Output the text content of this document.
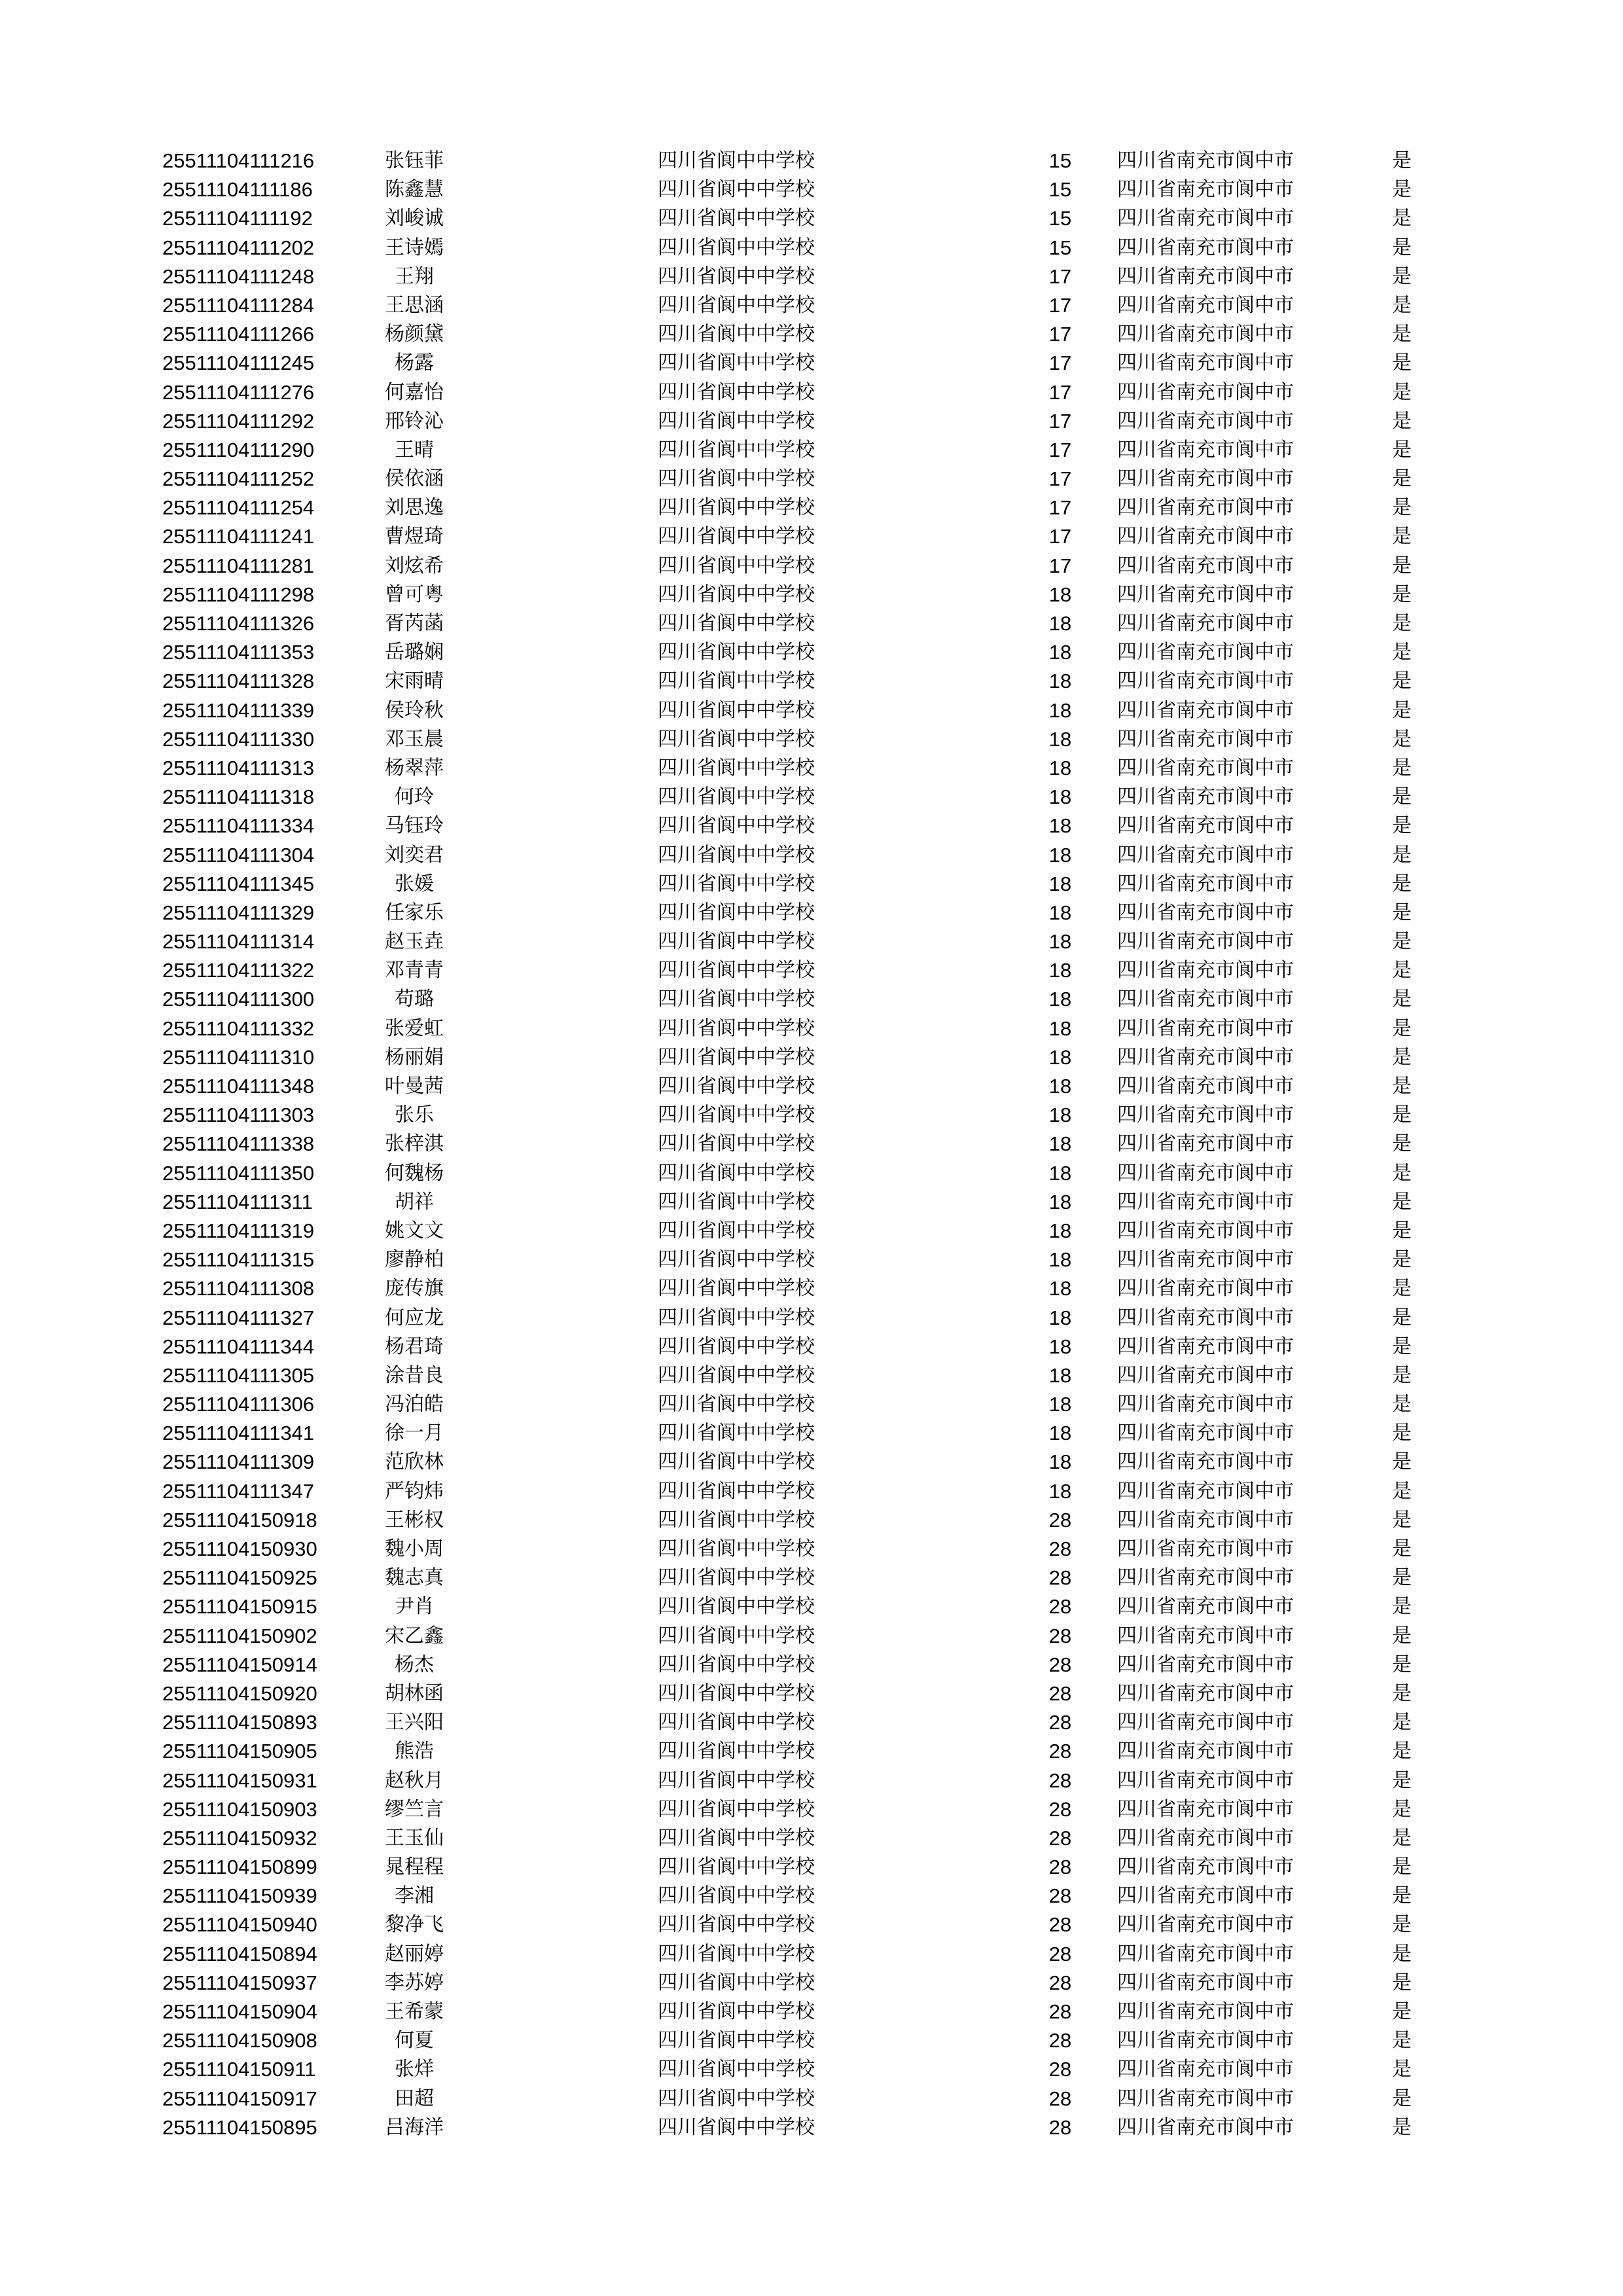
25511104111216	张钰菲	四川省阆中中学校	15	四川省南充市阆中市	是
25511104111186	陈鑫慧	四川省阆中中学校	15	四川省南充市阆中市	是
25511104111192	刘峻诚	四川省阆中中学校	15	四川省南充市阆中市	是
25511104111202	王诗嫣	四川省阆中中学校	15	四川省南充市阆中市	是
25511104111248	王翔	四川省阆中中学校	17	四川省南充市阆中市	是
25511104111284	王思涵	四川省阆中中学校	17	四川省南充市阆中市	是
25511104111266	杨颜黛	四川省阆中中学校	17	四川省南充市阆中市	是
25511104111245	杨露	四川省阆中中学校	17	四川省南充市阆中市	是
25511104111276	何嘉怡	四川省阆中中学校	17	四川省南充市阆中市	是
25511104111292	邢铃沁	四川省阆中中学校	17	四川省南充市阆中市	是
25511104111290	王晴	四川省阆中中学校	17	四川省南充市阆中市	是
25511104111252	侯依涵	四川省阆中中学校	17	四川省南充市阆中市	是
25511104111254	刘思逸	四川省阆中中学校	17	四川省南充市阆中市	是
25511104111241	曹煜琦	四川省阆中中学校	17	四川省南充市阆中市	是
25511104111281	刘炫希	四川省阆中中学校	17	四川省南充市阆中市	是
25511104111298	曾可粤	四川省阆中中学校	18	四川省南充市阆中市	是
25511104111326	胥芮菡	四川省阆中中学校	18	四川省南充市阆中市	是
25511104111353	岳璐娴	四川省阆中中学校	18	四川省南充市阆中市	是
25511104111328	宋雨晴	四川省阆中中学校	18	四川省南充市阆中市	是
25511104111339	侯玲秋	四川省阆中中学校	18	四川省南充市阆中市	是
25511104111330	邓玉晨	四川省阆中中学校	18	四川省南充市阆中市	是
25511104111313	杨翠萍	四川省阆中中学校	18	四川省南充市阆中市	是
25511104111318	何玲	四川省阆中中学校	18	四川省南充市阆中市	是
25511104111334	马钰玲	四川省阆中中学校	18	四川省南充市阆中市	是
25511104111304	刘奕君	四川省阆中中学校	18	四川省南充市阆中市	是
25511104111345	张媛	四川省阆中中学校	18	四川省南充市阆中市	是
25511104111329	任家乐	四川省阆中中学校	18	四川省南充市阆中市	是
25511104111314	赵玉垚	四川省阆中中学校	18	四川省南充市阆中市	是
25511104111322	邓青青	四川省阆中中学校	18	四川省南充市阆中市	是
25511104111300	苟璐	四川省阆中中学校	18	四川省南充市阆中市	是
25511104111332	张爱虹	四川省阆中中学校	18	四川省南充市阆中市	是
25511104111310	杨丽娟	四川省阆中中学校	18	四川省南充市阆中市	是
25511104111348	叶曼茜	四川省阆中中学校	18	四川省南充市阆中市	是
25511104111303	张乐	四川省阆中中学校	18	四川省南充市阆中市	是
25511104111338	张梓淇	四川省阆中中学校	18	四川省南充市阆中市	是
25511104111350	何魏杨	四川省阆中中学校	18	四川省南充市阆中市	是
25511104111311	胡祥	四川省阆中中学校	18	四川省南充市阆中市	是
25511104111319	姚文文	四川省阆中中学校	18	四川省南充市阆中市	是
25511104111315	廖静柏	四川省阆中中学校	18	四川省南充市阆中市	是
25511104111308	庞传旗	四川省阆中中学校	18	四川省南充市阆中市	是
25511104111327	何应龙	四川省阆中中学校	18	四川省南充市阆中市	是
25511104111344	杨君琦	四川省阆中中学校	18	四川省南充市阆中市	是
25511104111305	涂昔良	四川省阆中中学校	18	四川省南充市阆中市	是
25511104111306	冯泊皓	四川省阆中中学校	18	四川省南充市阆中市	是
25511104111341	徐一月	四川省阆中中学校	18	四川省南充市阆中市	是
25511104111309	范欣林	四川省阆中中学校	18	四川省南充市阆中市	是
25511104111347	严钧炜	四川省阆中中学校	18	四川省南充市阆中市	是
25511104150918	王彬权	四川省阆中中学校	28	四川省南充市阆中市	是
25511104150930	魏小周	四川省阆中中学校	28	四川省南充市阆中市	是
25511104150925	魏志真	四川省阆中中学校	28	四川省南充市阆中市	是
25511104150915	尹肖	四川省阆中中学校	28	四川省南充市阆中市	是
25511104150902	宋乙鑫	四川省阆中中学校	28	四川省南充市阆中市	是
25511104150914	杨杰	四川省阆中中学校	28	四川省南充市阆中市	是
25511104150920	胡林函	四川省阆中中学校	28	四川省南充市阆中市	是
25511104150893	王兴阳	四川省阆中中学校	28	四川省南充市阆中市	是
25511104150905	熊浩	四川省阆中中学校	28	四川省南充市阆中市	是
25511104150931	赵秋月	四川省阆中中学校	28	四川省南充市阆中市	是
25511104150903	缪竺言	四川省阆中中学校	28	四川省南充市阆中市	是
25511104150932	王玉仙	四川省阆中中学校	28	四川省南充市阆中市	是
25511104150899	晁程程	四川省阆中中学校	28	四川省南充市阆中市	是
25511104150939	李湘	四川省阆中中学校	28	四川省南充市阆中市	是
25511104150940	黎净飞	四川省阆中中学校	28	四川省南充市阆中市	是
25511104150894	赵丽婷	四川省阆中中学校	28	四川省南充市阆中市	是
25511104150937	李苏婷	四川省阆中中学校	28	四川省南充市阆中市	是
25511104150904	王希蒙	四川省阆中中学校	28	四川省南充市阆中市	是
25511104150908	何夏	四川省阆中中学校	28	四川省南充市阆中市	是
25511104150911	张烊	四川省阆中中学校	28	四川省南充市阆中市	是
25511104150917	田超	四川省阆中中学校	28	四川省南充市阆中市	是
25511104150895	吕海洋	四川省阆中中学校	28	四川省南充市阆中市	是
